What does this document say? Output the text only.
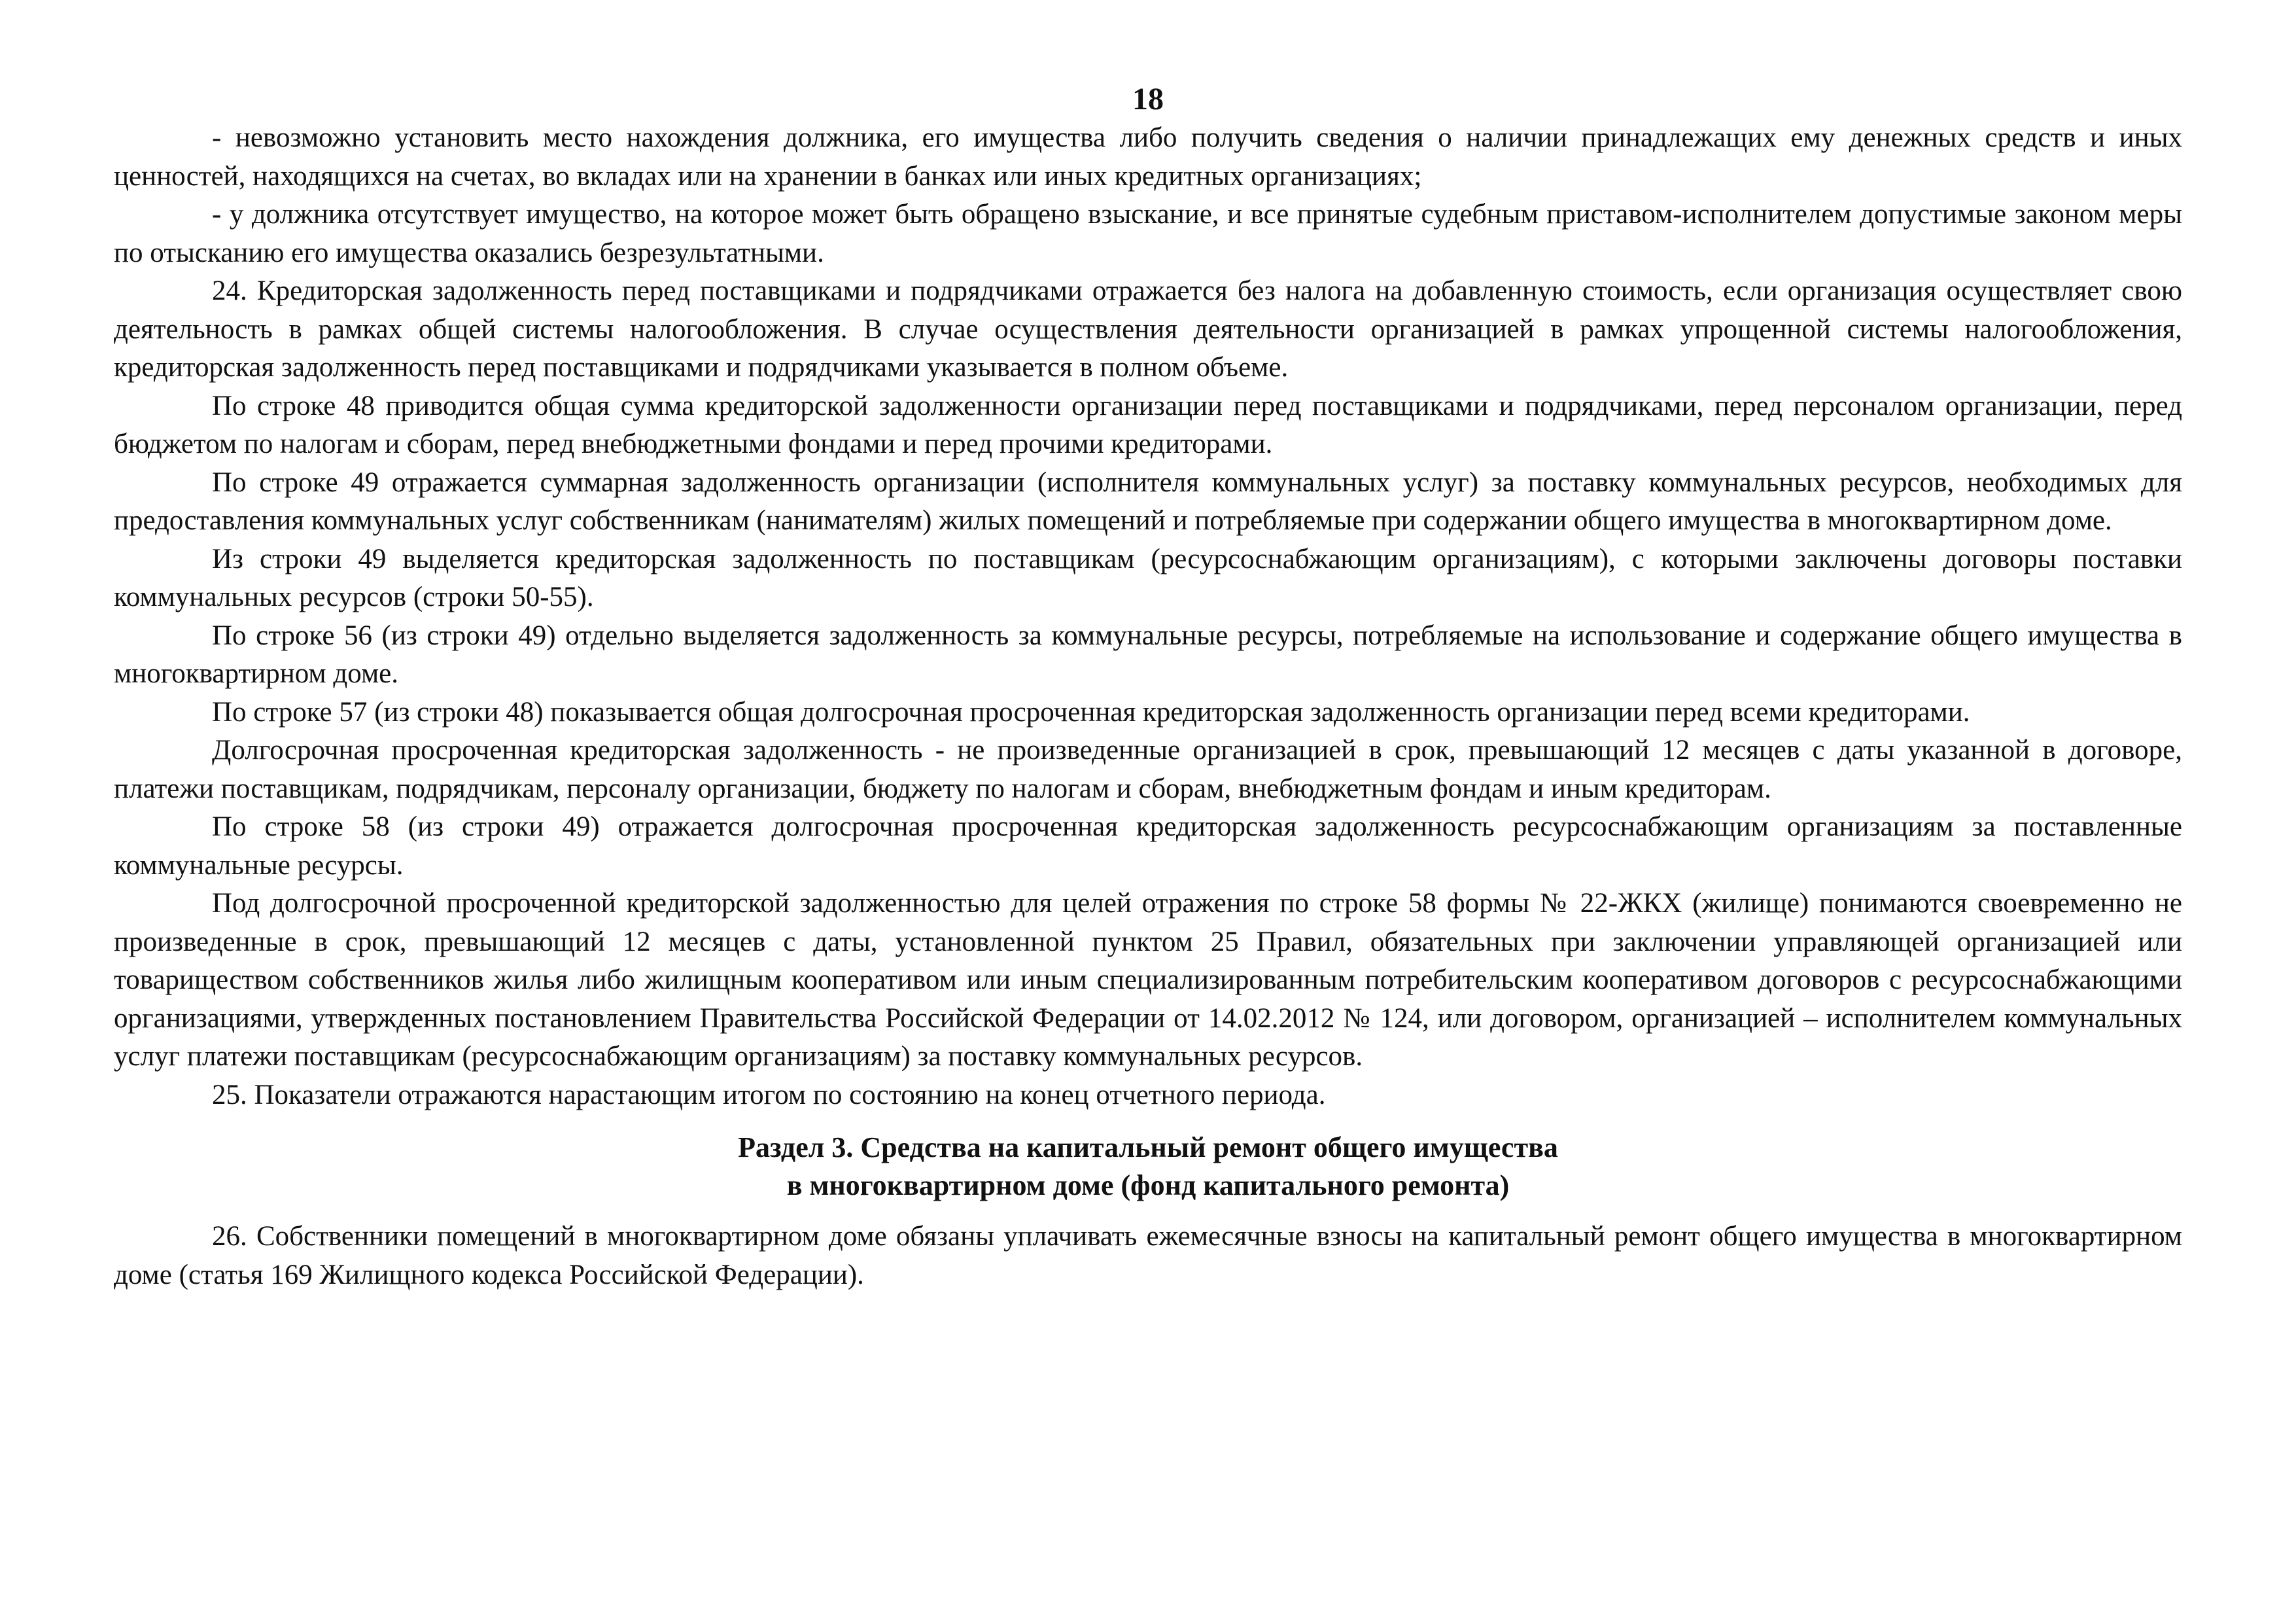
18

- невозможно установить место нахождения должника, его имущества либо получить сведения о наличии принадлежащих ему денежных средств и иных ценностей, находящихся на счетах, во вкладах или на хранении в банках или иных кредитных организациях;

- у должника отсутствует имущество, на которое может быть обращено взыскание, и все принятые судебным приставом-исполнителем допустимые законом меры по отысканию его имущества оказались безрезультатными.

24. Кредиторская задолженность перед поставщиками и подрядчиками отражается без налога на добавленную стоимость, если организация осуществляет свою деятельность в рамках общей системы налогообложения. В случае осуществления деятельности организацией в рамках упрощенной системы налогообложения, кредиторская задолженность перед поставщиками и подрядчиками указывается в полном объеме.

По строке 48 приводится общая сумма кредиторской задолженности организации перед поставщиками и подрядчиками, перед персоналом организации, перед бюджетом по налогам и сборам, перед внебюджетными фондами и перед прочими кредиторами.

По строке 49 отражается суммарная задолженность организации (исполнителя коммунальных услуг) за поставку коммунальных ресурсов, необходимых для предоставления коммунальных услуг собственникам (нанимателям) жилых помещений и потребляемые при содержании общего имущества в многоквартирном доме.

Из строки 49 выделяется кредиторская задолженность по поставщикам (ресурсоснабжающим организациям), с которыми заключены договоры поставки коммунальных ресурсов (строки 50-55).

По строке 56 (из строки 49) отдельно выделяется задолженность за коммунальные ресурсы, потребляемые на использование и содержание общего имущества в многоквартирном доме.

По строке 57 (из строки 48) показывается общая долгосрочная просроченная кредиторская задолженность организации перед всеми кредиторами.

Долгосрочная просроченная кредиторская задолженность - не произведенные организацией в срок, превышающий 12 месяцев с даты указанной в договоре, платежи поставщикам, подрядчикам, персоналу организации, бюджету по налогам и сборам, внебюджетным фондам и иным кредиторам.

По строке 58 (из строки 49) отражается долгосрочная просроченная кредиторская задолженность ресурсоснабжающим организациям за поставленные коммунальные ресурсы.

Под долгосрочной просроченной кредиторской задолженностью для целей отражения по строке 58 формы № 22-ЖКХ (жилище) понимаются своевременно не произведенные в срок, превышающий 12 месяцев с даты, установленной пунктом 25 Правил, обязательных при заключении управляющей организацией или товариществом собственников жилья либо жилищным кооперативом или иным специализированным потребительским кооперативом договоров с ресурсоснабжающими организациями, утвержденных постановлением Правительства Российской Федерации от 14.02.2012 № 124, или договором, организацией – исполнителем коммунальных услуг платежи поставщикам (ресурсоснабжающим организациям) за поставку коммунальных ресурсов.

25. Показатели отражаются нарастающим итогом по состоянию на конец отчетного периода.

Раздел 3. Средства на капитальный ремонт общего имущества
в многоквартирном доме (фонд капитального ремонта)

26. Собственники помещений в многоквартирном доме обязаны уплачивать ежемесячные взносы на капитальный ремонт общего имущества в многоквартирном доме (статья 169 Жилищного кодекса Российской Федерации).
